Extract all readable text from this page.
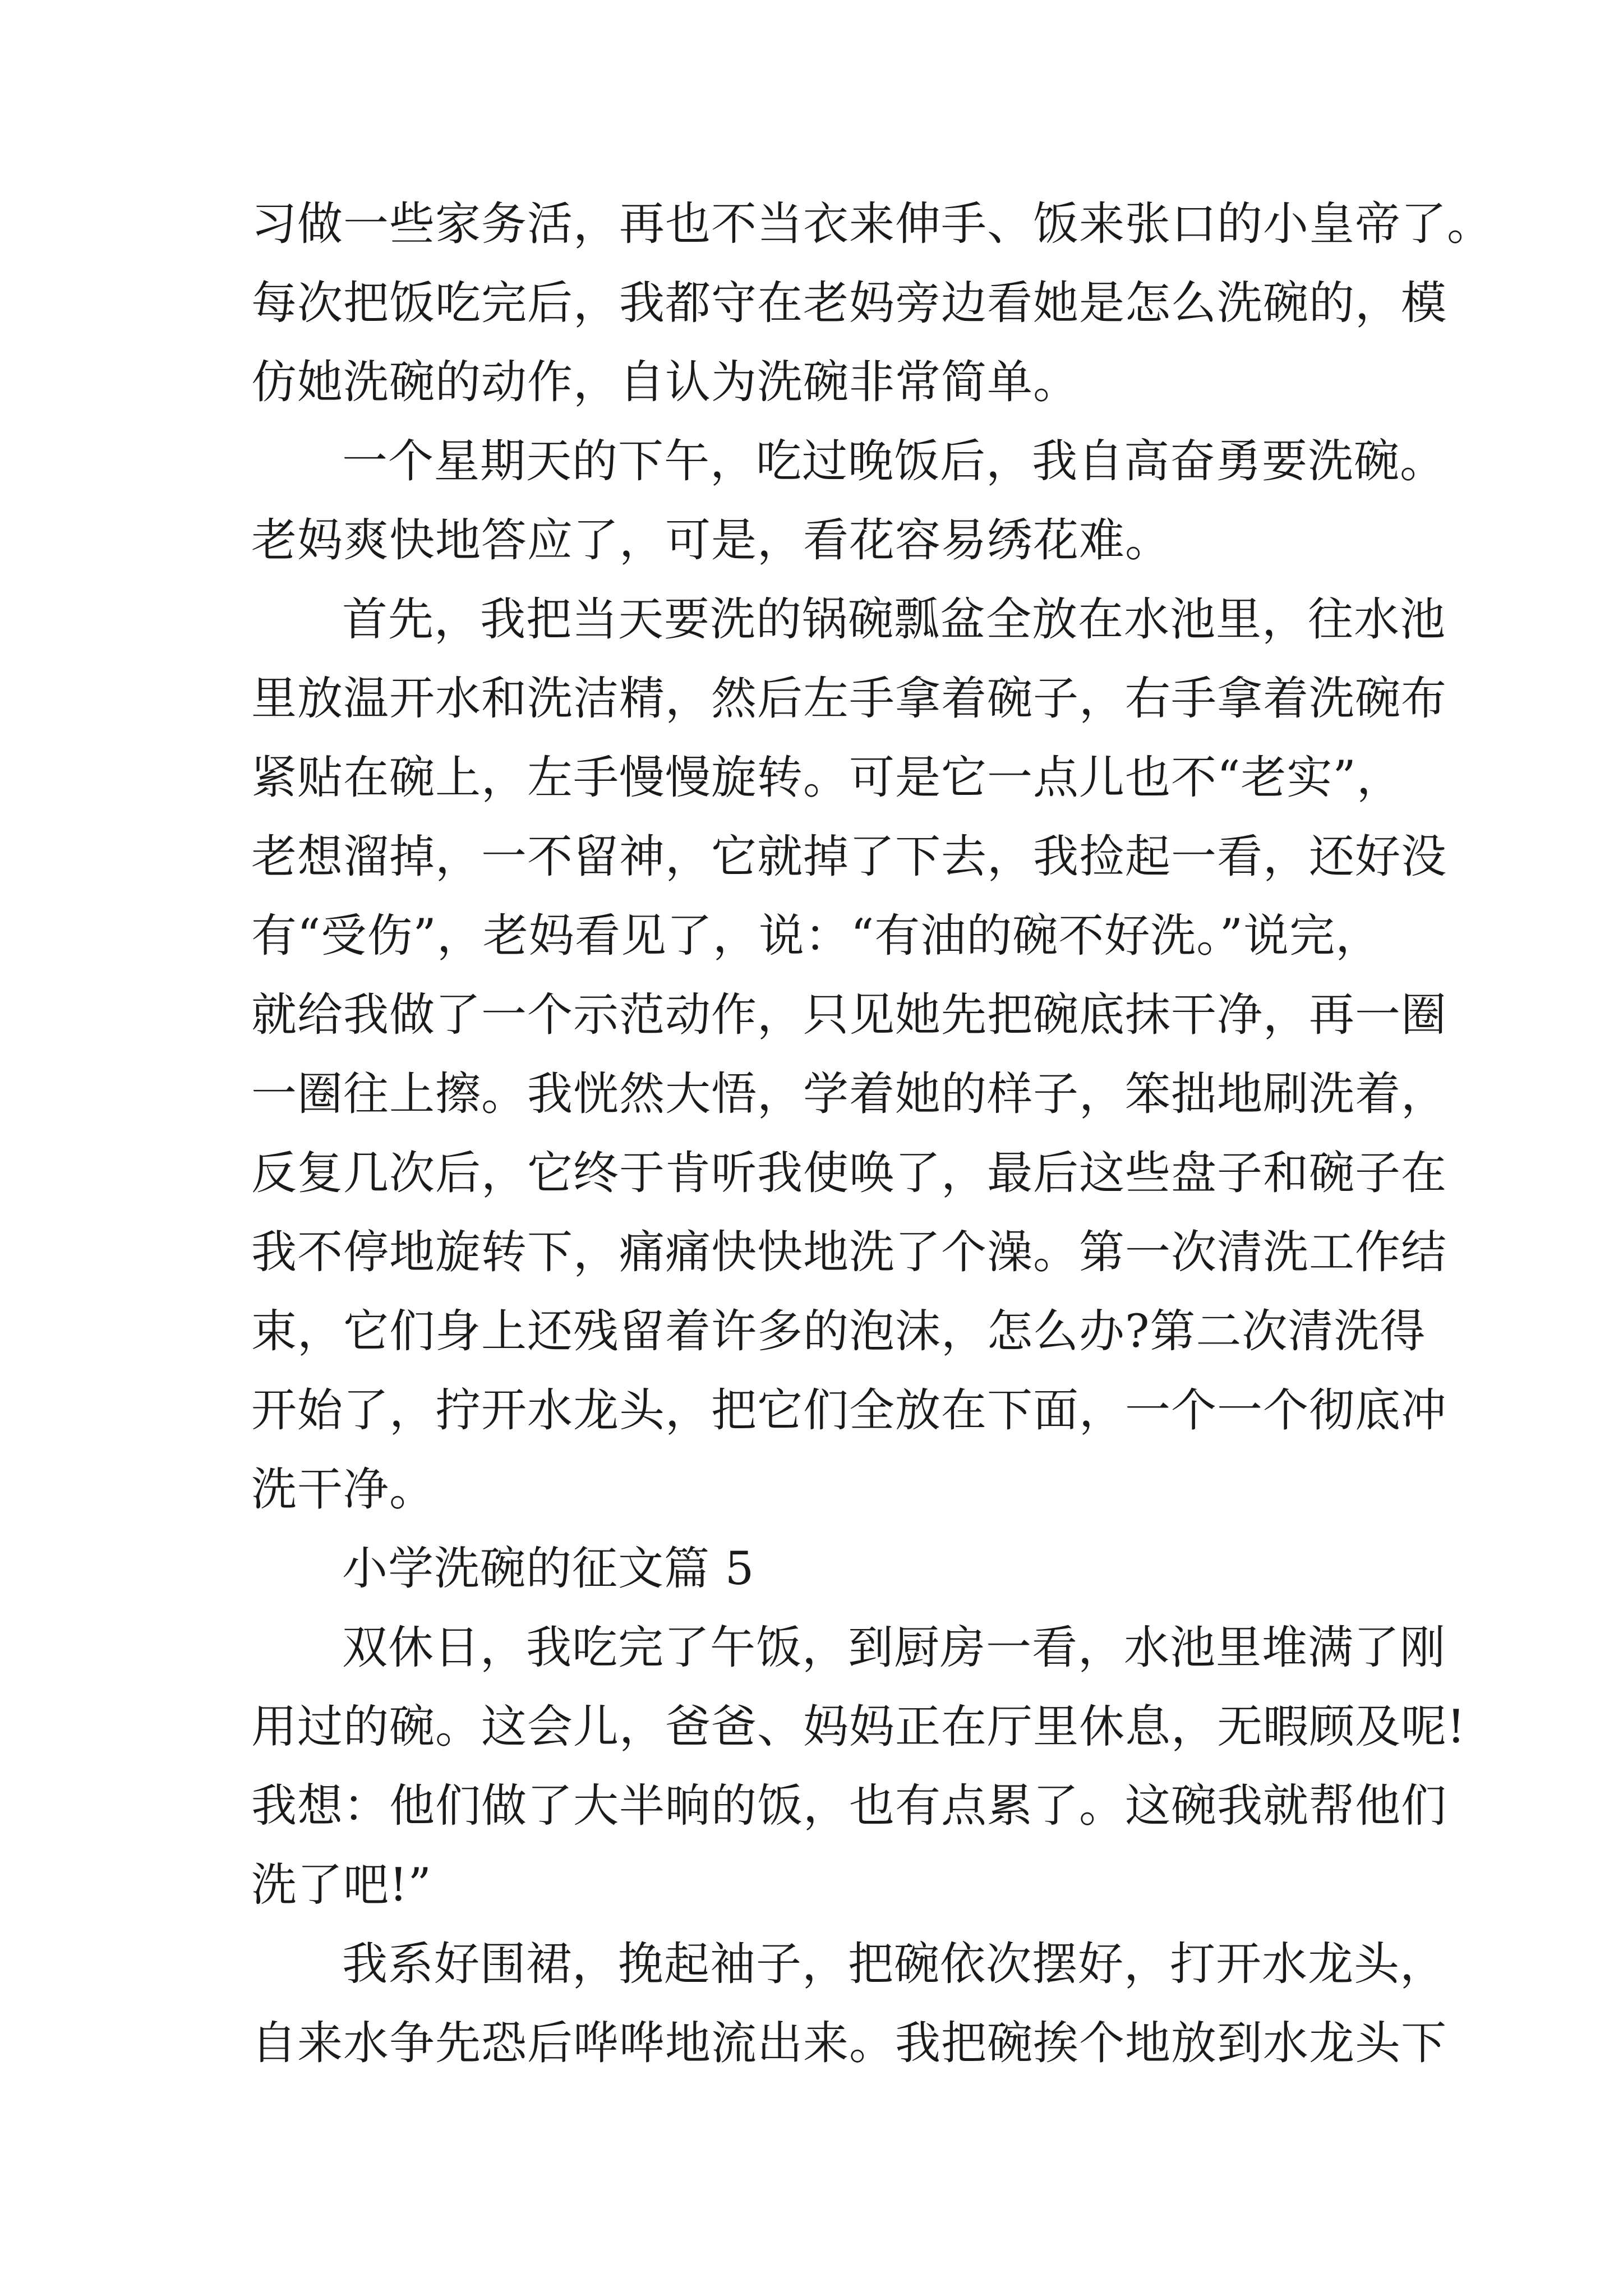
习做一些家务活，再也不当衣来伸手、饭来张口的小皇帝了。
每次把饭吃完后，我都守在老妈旁边看她是怎么洗碗的，模
仿她洗碗的动作，自认为洗碗非常简单。
一个星期天的下午，吃过晚饭后，我自高奋勇要洗碗。
老妈爽快地答应了，可是，看花容易绣花难。
首先，我把当天要洗的锅碗瓢盆全放在水池里，往水池
里放温开水和洗洁精，然后左手拿着碗子，右手拿着洗碗布
紧贴在碗上，左手慢慢旋转。可是它一点儿也不“老实”，
老想溜掉，一不留神，它就掉了下去，我捡起一看，还好没
有“受伤”，老妈看见了，说：“有油的碗不好洗。”说完，
就给我做了一个示范动作，只见她先把碗底抹干净，再一圈
一圈往上擦。我恍然大悟，学着她的样子，笨拙地刷洗着，
反复几次后，它终于肯听我使唤了，最后这些盘子和碗子在
我不停地旋转下，痛痛快快地洗了个澡。第一次清洗工作结
束，它们身上还残留着许多的泡沫，怎么办?第二次清洗得
开始了，拧开水龙头，把它们全放在下面，一个一个彻底冲
洗干净。
小学洗碗的征文篇 5
双休日，我吃完了午饭，到厨房一看，水池里堆满了刚
用过的碗。这会儿，爸爸、妈妈正在厅里休息，无暇顾及呢!
我想：他们做了大半晌的饭，也有点累了。这碗我就帮他们
洗了吧!”
我系好围裙，挽起袖子，把碗依次摆好，打开水龙头，
自来水争先恐后哗哗地流出来。我把碗挨个地放到水龙头下
